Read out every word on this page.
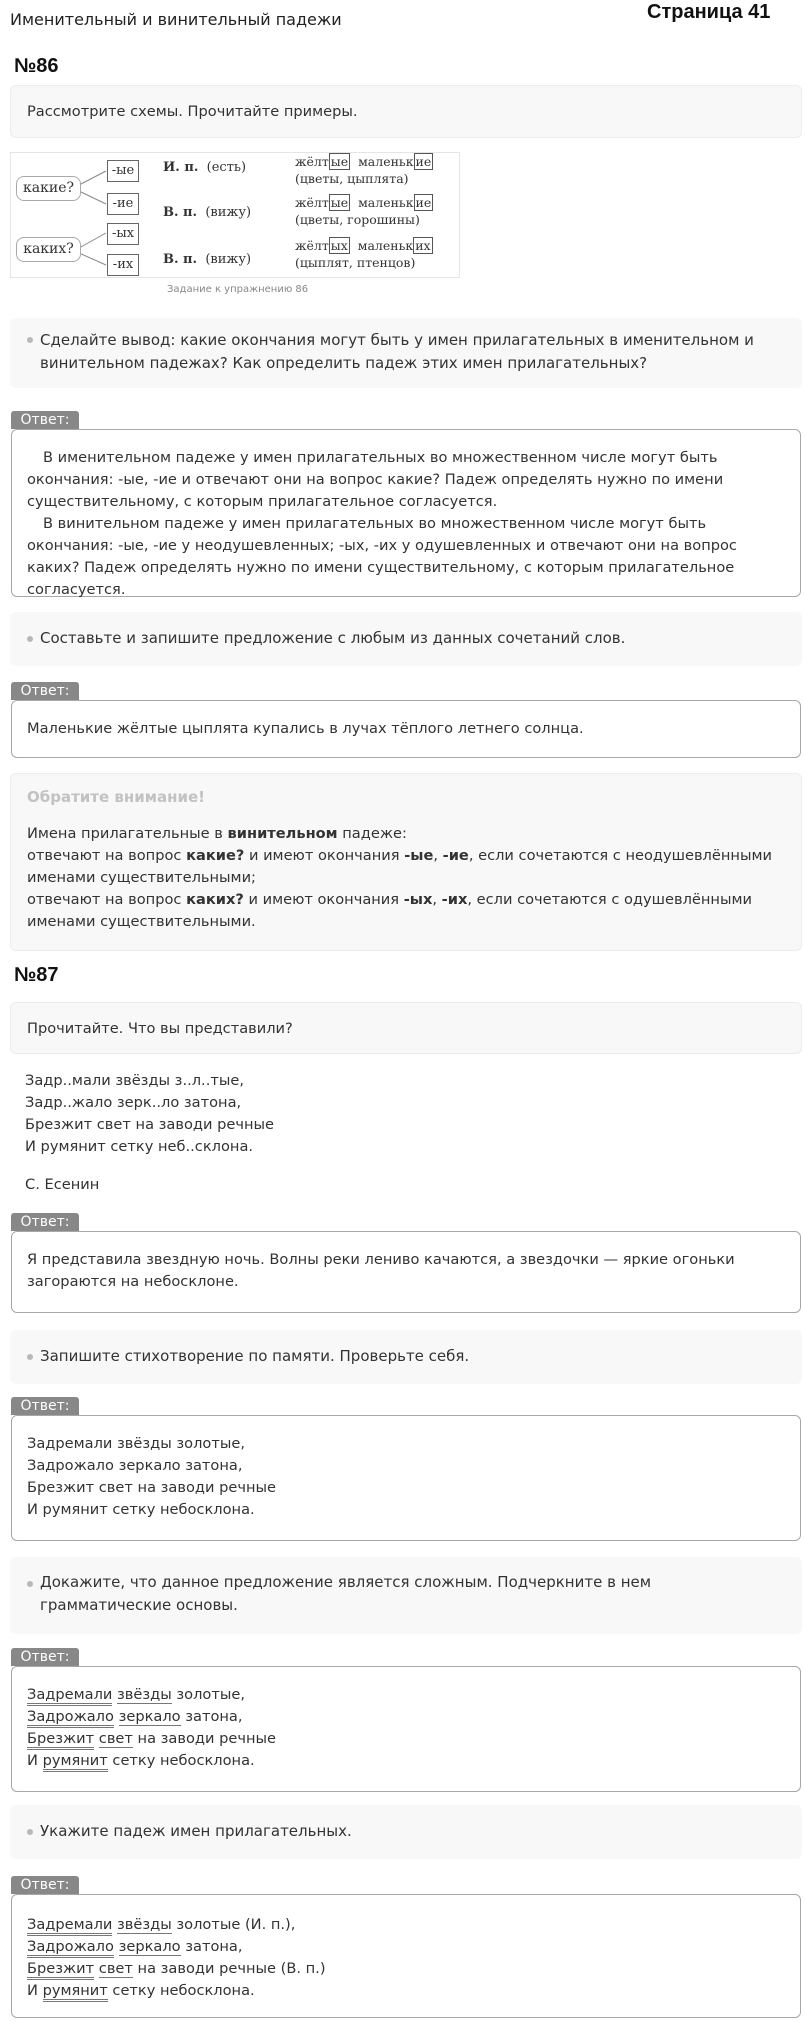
Именительный и винительный падежи	Страница 41
№86
Рассмотрите схемы. Прочитайте примеры.
какие?
каких?
-ые
-ие
-ых
-их
И. п. (есть)
В. п. (вижу)
В. п. (вижу)
жёлт ые маленьк ие
(цветы, цыплята)
жёлт ые маленьк ие
(цветы, горошины)
жёлт ых маленьк их
(цыплят, птенцов)
Задание к упражнению 86
Сделайте вывод: какие окончания могут быть у имен прилагательных в именительном и винительном падежах? Как определить падеж этих имен прилагательных?
Ответ:
В именительном падеже у имен прилагательных во множественном числе могут быть окончания: -ые, -ие и отвечают они на вопрос какие? Падеж определять нужно по имени существительному, с которым прилагательное согласуется.
В винительном падеже у имен прилагательных во множественном числе могут быть окончания: -ые, -ие у неодушевленных; -ых, -их у одушевленных и отвечают они на вопрос каких? Падеж определять нужно по имени существительному, с которым прилагательное согласуется.
Составьте и запишите предложение с любым из данных сочетаний слов.
Ответ:
Маленькие жёлтые цыплята купались в лучах тёплого летнего солнца.
Обратите внимание!
Имена прилагательные в винительном падеже:
отвечают на вопрос какие? и имеют окончания -ые, -ие, если сочетаются с неодушевлёнными именами существительными;
отвечают на вопрос каких? и имеют окончания -ых, -их, если сочетаются с одушевлёнными именами существительными.
№87
Прочитайте. Что вы представили?
Задр..мали звёзды з..л..тые,
Задр..жало зерк..ло затона,
Брезжит свет на заводи речные
И румянит сетку неб..склона.
С. Есенин
Ответ:
Я представила звездную ночь. Волны реки лениво качаются, а звездочки — яркие огоньки загораются на небосклоне.
Запишите стихотворение по памяти. Проверьте себя.
Ответ:
Задремали звёзды золотые,
Задрожало зеркало затона,
Брезжит свет на заводи речные
И румянит сетку небосклона.
Докажите, что данное предложение является сложным. Подчеркните в нем грамматические основы.
Ответ:
Задремали звёзды золотые,
Задрожало зеркало затона,
Брезжит свет на заводи речные
И румянит сетку небосклона.
Укажите падеж имен прилагательных.
Ответ:
Задремали звёзды золотые (И. п.),
Задрожало зеркало затона,
Брезжит свет на заводи речные (В. п.)
И румянит сетку небосклона.
